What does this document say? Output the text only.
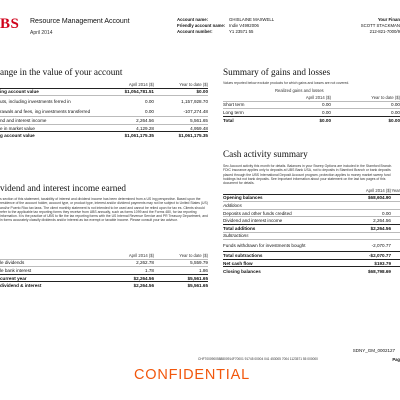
BS Resource Management Account
April 2014
Account name:	GHISLAINE MAXWELL
Friendly account name: Indiv V4992006
Account number:	Y1 23571 55
Your Finan
SCOTT STACKMAN
212-821-7000/9
ange in the value of your account
	April 2014 ($)	Year to date ($)
ing account value	$1,054,781.51	$0.00
uts, including investments ferred in	0.00	1,157,928.70
rawals and fees, ing investments transferred	0.00	-107,274.48
nd and interest income	2,264.56	5,561.65
e in market value	4,129.28	4,959.48
g account value	$1,061,175.35	$1,061,175.35
vidend and interest income earned
s section of this statement, taxability of interest and dividend income has been determined from a US ing perspective. Based upon the residence of the account holder, account type, or product type, interest and/or dividend payments may not be subject to United States (US) and/or Puerto Rico tax laws. The client monthly statement is not intended to be used and cannot be relied upon for tax es. Clients should refer to the applicable tax reporting forms they receive from UBS annually, such as forms 1099 and the Forms 480, for tax reporting information. It is the practice of UBS to file the tax reporting forms with the US Internal Revenue Service and PR Treasury Department, and in forms accurately classify dividends and/or interest as tax exempt or taxable income. Please consult your tax advisor.
	April 2014 ($)	Year to date ($)
le dividends	2,262.78	5,559.79
le bank interest	1.78	1.86
current year	$2,264.56	$5,561.65
dividend & interest	$2,264.56	$5,561.65
Summary of gains and losses
Values reported below exclude products for which gains and losses are not covered.
Realized gains and losses
	April 2014 ($)	Year to date ($)
Short term	0.00	0.00
Long term	0.00	0.00
Total	$0.00	$0.00
Cash activity summary
Sec Account activity this month for details. Balances in your Sweep Options are included in the Stamford Branch. FDIC insurance applies only to deposits at UBS Bank USA, not to deposits in Stamford Branch or bank deposits placed through the UBS International Deposit Account program. protection applies to money market sweep fund holdings but not bank deposits. See Important information about your statement on the last two pages of this document for details.
	April 2014 ($)	Year
Opening balances	$68,604.90	
Additions		
Deposits and other funds credited	0.00	
Dividend and interest income	2,264.56	
Total additions	$2,264.56	
Subtractions		
Funds withdrawn for investments bought	-2,070.77	
Total subtractions	-$2,070.77	
Net cash flow	$193.79	
Closing balances	$68,798.69	
SDNY_GM_0002127
CHF7000900588800914F70001 91745 00004 041 453005 7004 1123571 55 000000	Pag
CONFIDENTIAL
